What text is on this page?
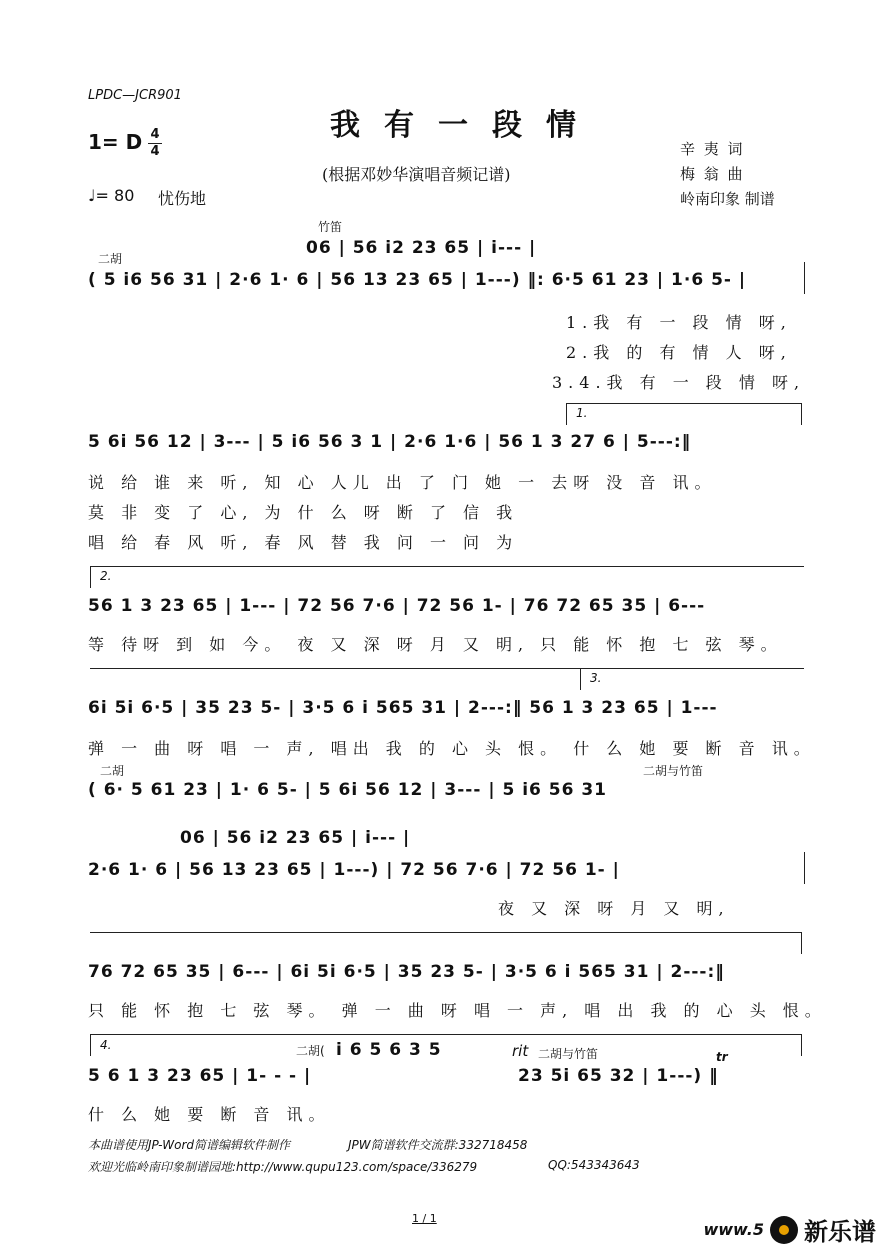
LPDC—JCR901
我有一段情
1= D 4
4
(根据邓妙华演唱音频记谱)
♩= 80 忧伤地
辛 夷 词
梅 翁 曲
岭南印象 制谱
竹笛
06 | 56 i2 23 65 | i--- |
二胡
( 5 i6 56 31 | 2·6 1· 6 | 56 13 23 65 | 1---) ‖: 6·5 61 23 | 1·6 5- |
1.我 有 一 段 情 呀,
2.我 的 有 情 人 呀,
3.4.我 有 一 段 情 呀,
1.
5 6i 56 12 | 3--- | 5 i6 56 3 1 | 2·6 1·6 | 56 1 3 27 6 | 5---:‖
说 给 谁 来 听, 知 心 人儿 出 了 门 她 一 去呀 没 音 讯。
莫 非 变 了 心, 为 什 么 呀 断 了 信 我
唱 给 春 风 听, 春 风 替 我 问 一 问 为
2.
56 1 3 23 65 | 1--- | 72 56 7·6 | 72 56 1- | 76 72 65 35 | 6---
等 待呀 到 如 今。 夜 又 深 呀 月 又 明, 只 能 怀 抱 七 弦 琴。
3.
6i 5i 6·5 | 35 23 5- | 3·5 6 i 565 31 | 2---:‖ 56 1 3 23 65 | 1---
弹 一 曲 呀 唱 一 声, 唱出 我 的 心 头 恨。 什 么 她 要 断 音 讯。
二胡	二胡与竹笛
( 6· 5 61 23 | 1· 6 5- | 5 6i 56 12 | 3--- | 5 i6 56 31
06 | 56 i2 23 65 | i--- |
2·6 1· 6 | 56 13 23 65 | 1---) | 72 56 7·6 | 72 56 1- |
夜 又 深 呀 月 又 明,
76 72 65 35 | 6--- | 6i 5i 6·5 | 35 23 5- | 3·5 6 i 565 31 | 2---:‖
只 能 怀 抱 七 弦 琴。 弹 一 曲 呀 唱 一 声, 唱 出 我 的 心 头 恨。
4.	二胡( i 6 5 6 3 5	rit 二胡与竹笛	tr
5 6 1 3 23 65 | 1- - - |	23 5i 65 32 | 1---) ‖
什 么 她 要 断 音 讯。
本曲谱使用JP-Word简谱编辑软件制作	JPW简谱软件交流群:332718458
欢迎光临岭南印象制谱园地:http://www.qupu123.com/space/336279	QQ:543343643
1 / 1
www.5 新乐谱
